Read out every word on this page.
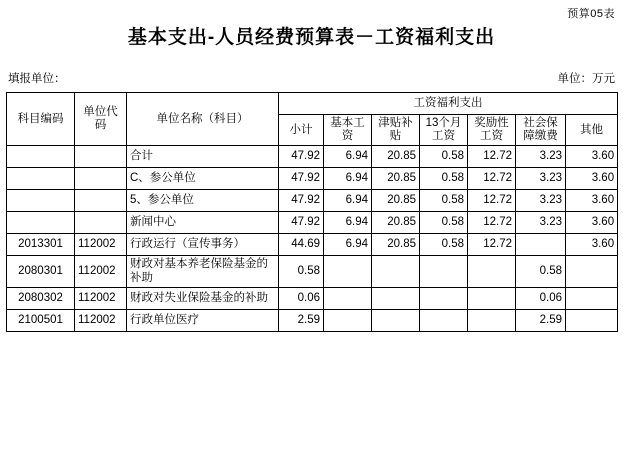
预算05表
基本支出-人员经费预算表－工资福利支出
填报单位：	单位：万元
科目编码	单位代码	单位名称（科目）	工资福利支出						
			小计	基本工资	津贴补贴	13个月工资	奖励性工资	社会保障缴费	其他

		合计	47.92	6.94	20.85	0.58	12.72	3.23	3.60
		C、参公单位	47.92	6.94	20.85	0.58	12.72	3.23	3.60
		5、参公单位	47.92	6.94	20.85	0.58	12.72	3.23	3.60
		新闻中心	47.92	6.94	20.85	0.58	12.72	3.23	3.60
2013301	112002	行政运行（宣传事务）	44.69	6.94	20.85	0.58	12.72		3.60
2080301	112002	财政对基本养老保险基金的补助	0.58					0.58	
2080302	112002	财政对失业保险基金的补助	0.06					0.06	
2100501	112002	行政单位医疗	2.59					2.59	
